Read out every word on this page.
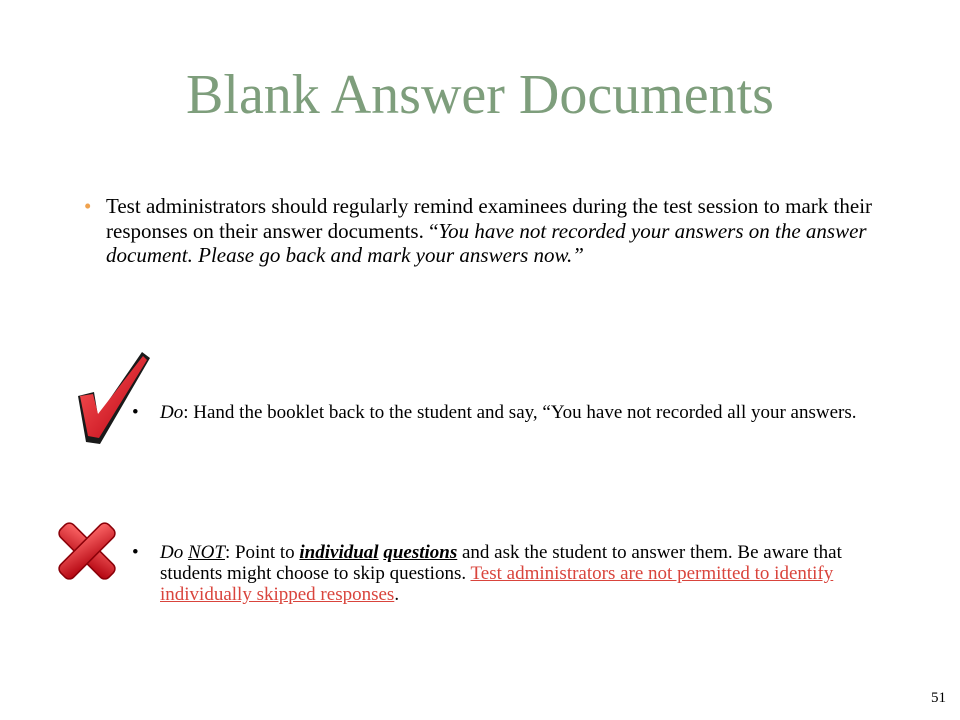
Blank Answer Documents
• Test administrators should regularly remind examinees during the test session to mark their responses on their answer documents. “You have not recorded your answers on the answer document. Please go back and mark your answers now.”
•	Do: Hand the booklet back to the student and say, “You have not recorded all your answers.
•	Do NOT: Point to individual questions and ask the student to answer them. Be aware that students might choose to skip questions. Test administrators are not permitted to identify individually skipped responses.
51
